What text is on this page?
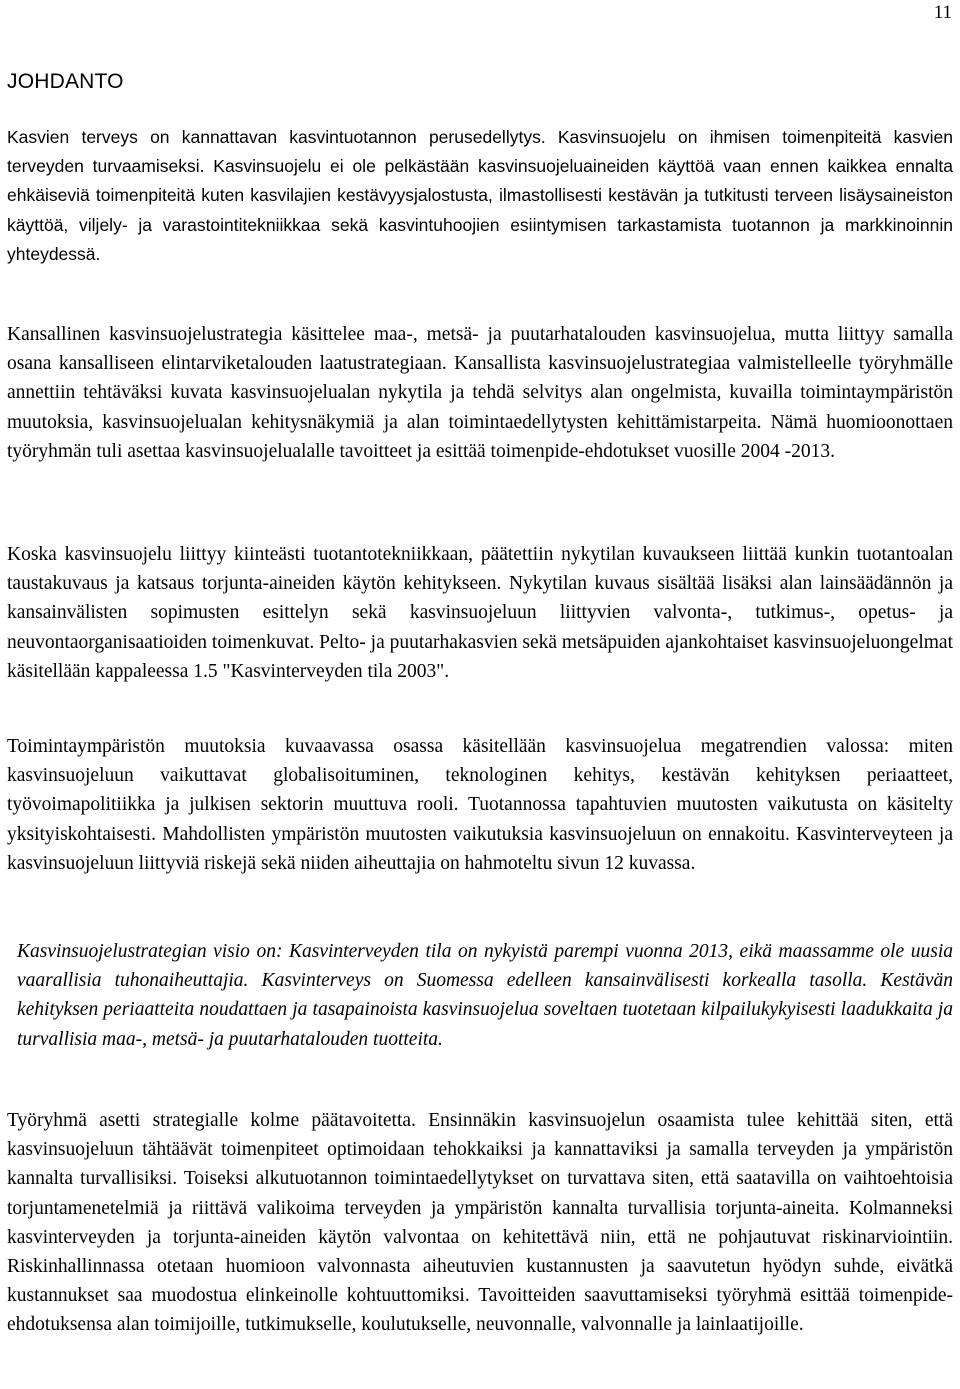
11
JOHDANTO

Kasvien terveys on kannattavan kasvintuotannon perusedellytys. Kasvinsuojelu on ihmisen toimenpiteitä kasvien terveyden turvaamiseksi. Kasvinsuojelu ei ole pelkästään kasvinsuojeluaineiden käyttöä vaan ennen kaikkea ennalta ehkäiseviä toimenpiteitä kuten kasvilajien kestävyysjalostusta, ilmastollisesti kestävän ja tutkitusti terveen lisäysaineiston käyttöä, viljely- ja varastointitekniikkaa sekä kasvintuhoojien esiintymisen tarkastamista tuotannon ja markkinoinnin yhteydessä.

Kansallinen kasvinsuojelustrategia käsittelee maa-, metsä- ja puutarhatalouden kasvinsuojelua, mutta liittyy samalla osana kansalliseen elintarviketalouden laatustrategiaan. Kansallista kasvinsuojelustrategiaa valmistelleelle työryhmälle annettiin tehtäväksi kuvata kasvinsuojelualan nykytila ja tehdä selvitys alan ongelmista, kuvailla toimintaympäristön muutoksia, kasvinsuojelualan kehitysnäkymiä ja alan toimintaedellytysten kehittämistarpeita. Nämä huomioonottaen työryhmän tuli asettaa kasvinsuojelualalle tavoitteet ja esittää toimenpide-ehdotukset vuosille 2004 -2013.

Koska kasvinsuojelu liittyy kiinteästi tuotantotekniikkaan, päätettiin nykytilan kuvaukseen liittää kunkin tuotantoalan taustakuvaus ja katsaus torjunta-aineiden käytön kehitykseen. Nykytilan kuvaus sisältää lisäksi alan lainsäädännön ja kansainvälisten sopimusten esittelyn sekä kasvinsuojeluun liittyvien valvonta-, tutkimus-, opetus- ja neuvontaorganisaatioiden toimenkuvat. Pelto- ja puutarhakasvien sekä metsäpuiden ajankohtaiset kasvinsuojeluongelmat käsitellään kappaleessa 1.5 "Kasvinterveyden tila 2003".

Toimintaympäristön muutoksia kuvaavassa osassa käsitellään kasvinsuojelua megatrendien valossa: miten kasvinsuojeluun vaikuttavat globalisoituminen, teknologinen kehitys, kestävän kehityksen periaatteet, työvoimapolitiikka ja julkisen sektorin muuttuva rooli. Tuotannossa tapahtuvien muutosten vaikutusta on käsitelty yksityiskohtaisesti. Mahdollisten ympäristön muutosten vaikutuksia kasvinsuojeluun on ennakoitu. Kasvinterveyteen ja kasvinsuojeluun liittyviä riskejä sekä niiden aiheuttajia on hahmoteltu sivun 12 kuvassa.

Kasvinsuojelustrategian visio on: Kasvinterveyden tila on nykyistä parempi vuonna 2013, eikä maassamme ole uusia vaarallisia tuhonaiheuttajia. Kasvinterveys on Suomessa edelleen kansainvälisesti korkealla tasolla. Kestävän kehityksen periaatteita noudattaen ja tasapainoista kasvinsuojelua soveltaen tuotetaan kilpailukykyisesti laadukkaita ja turvallisia maa-, metsä- ja puutarhatalouden tuotteita.

Työryhmä asetti strategialle kolme päätavoitetta. Ensinnäkin kasvinsuojelun osaamista tulee kehittää siten, että kasvinsuojeluun tähtäävät toimenpiteet optimoidaan tehokkaiksi ja kannattaviksi ja samalla terveyden ja ympäristön kannalta turvallisiksi. Toiseksi alkutuotannon toimintaedellytykset on turvattava siten, että saatavilla on vaihtoehtoisia torjuntamenetelmiä ja riittävä valikoima terveyden ja ympäristön kannalta turvallisia torjunta-aineita. Kolmanneksi kasvinterveyden ja torjunta-aineiden käytön valvontaa on kehitettävä niin, että ne pohjautuvat riskinarviointiin. Riskinhallinnassa otetaan huomioon valvonnasta aiheutuvien kustannusten ja saavutetun hyödyn suhde, eivätkä kustannukset saa muodostua elinkeinolle kohtuuttomiksi. Tavoitteiden saavuttamiseksi työryhmä esittää toimenpide-ehdotuksensa alan toimijoille, tutkimukselle, koulutukselle, neuvonnalle, valvonnalle ja lainlaatijoille.
